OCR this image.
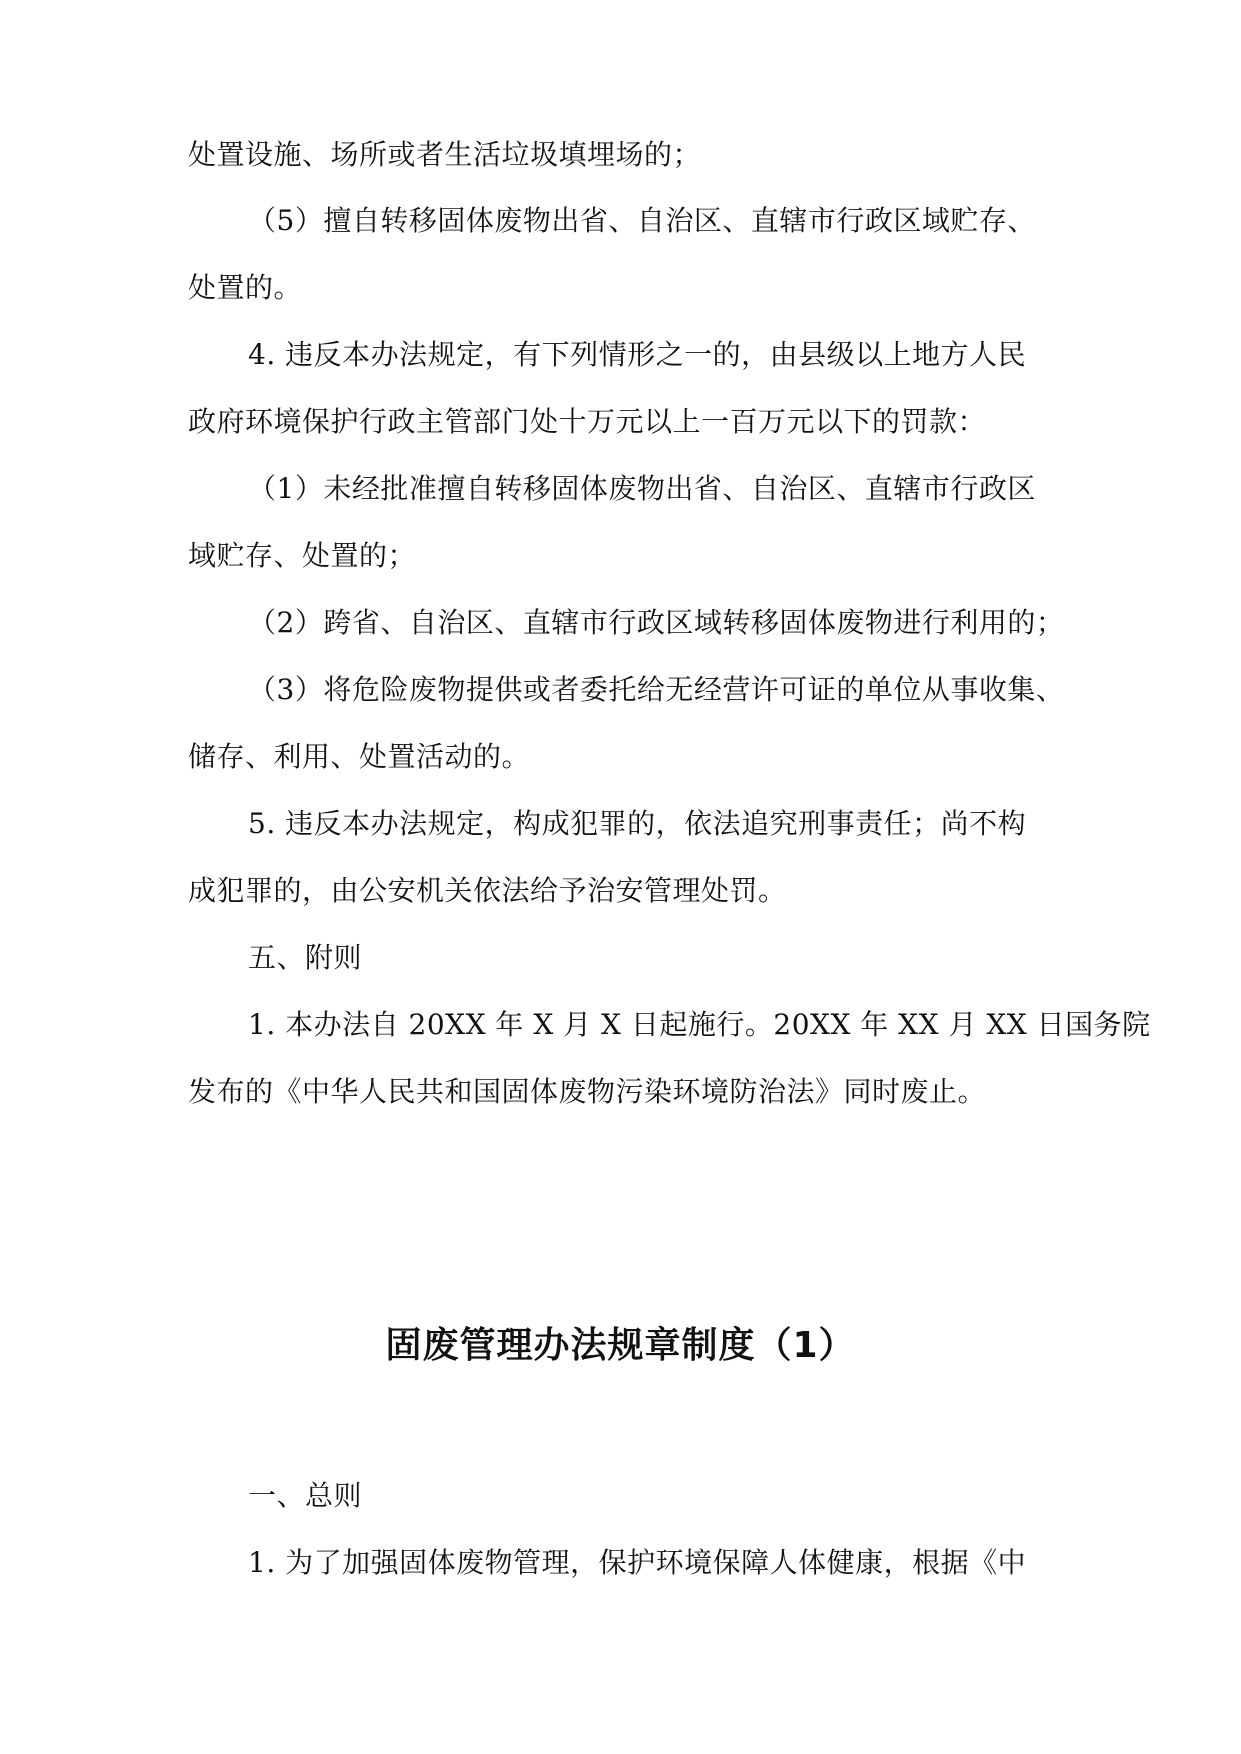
处置设施、场所或者生活垃圾填埋场的；
（5）擅自转移固体废物出省、自治区、直辖市行政区域贮存、
处置的。
4. 违反本办法规定，有下列情形之一的，由县级以上地方人民
政府环境保护行政主管部门处十万元以上一百万元以下的罚款：
（1）未经批准擅自转移固体废物出省、自治区、直辖市行政区
域贮存、处置的；
（2）跨省、自治区、直辖市行政区域转移固体废物进行利用的；
（3）将危险废物提供或者委托给无经营许可证的单位从事收集、
储存、利用、处置活动的。
5. 违反本办法规定，构成犯罪的，依法追究刑事责任；尚不构
成犯罪的，由公安机关依法给予治安管理处罚。
五、附则
1. 本办法自 20XX 年 X 月 X 日起施行。20XX 年 XX 月 XX 日国务院
发布的《中华人民共和国固体废物污染环境防治法》同时废止。
固废管理办法规章制度（1）
一、总则
1. 为了加强固体废物管理，保护环境保障人体健康，根据《中
